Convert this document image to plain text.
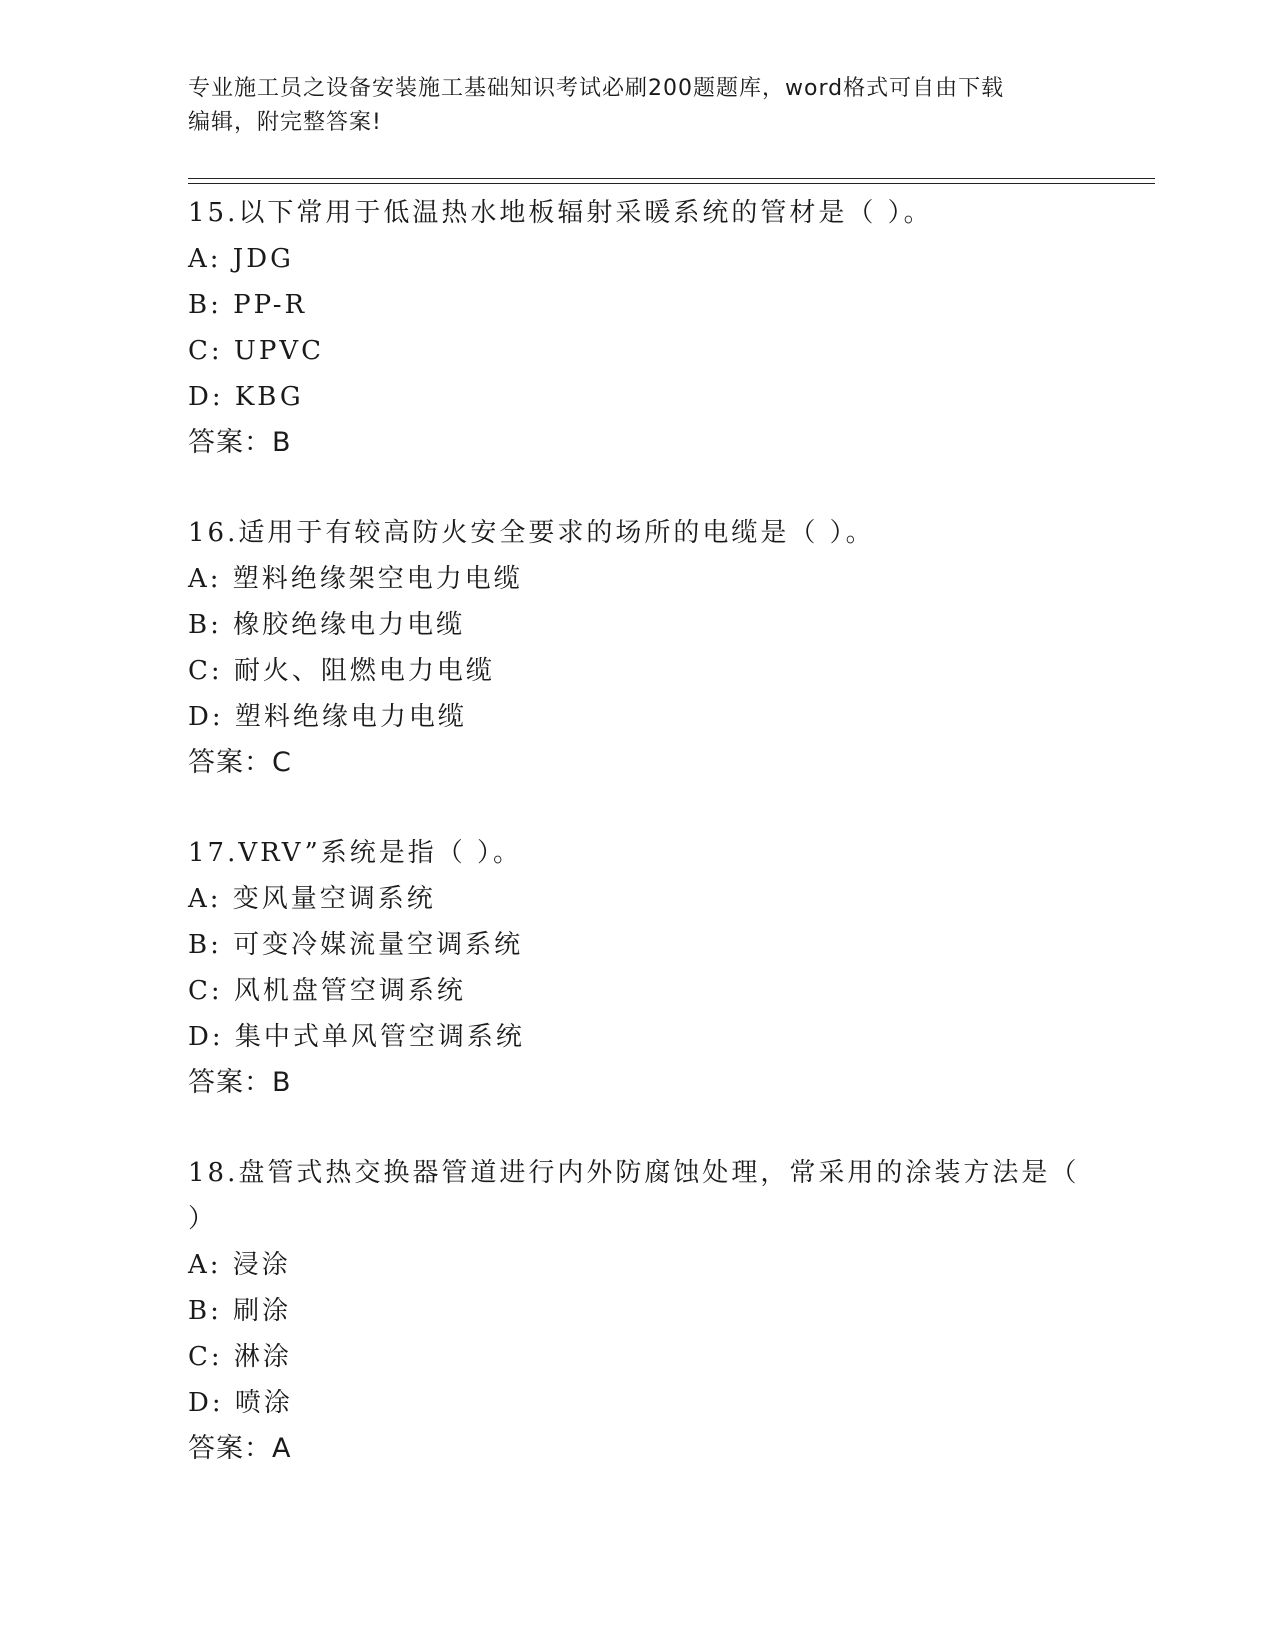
专业施工员之设备安装施工基础知识考试必刷200题题库，word格式可自由下载
编辑，附完整答案!
15.以下常用于低温热水地板辐射采暖系统的管材是（ ）。
A: JDG
B: PP-R
C: UPVC
D: KBG
答案：B
16.适用于有较高防火安全要求的场所的电缆是（ ）。
A: 塑料绝缘架空电力电缆
B: 橡胶绝缘电力电缆
C: 耐火、阻燃电力电缆
D: 塑料绝缘电力电缆
答案：C
17.VRV”系统是指（ ）。
A: 变风量空调系统
B: 可变冷媒流量空调系统
C: 风机盘管空调系统
D: 集中式单风管空调系统
答案：B
18.盘管式热交换器管道进行内外防腐蚀处理，常采用的涂装方法是（
）
A: 浸涂
B: 刷涂
C: 淋涂
D: 喷涂
答案：A
